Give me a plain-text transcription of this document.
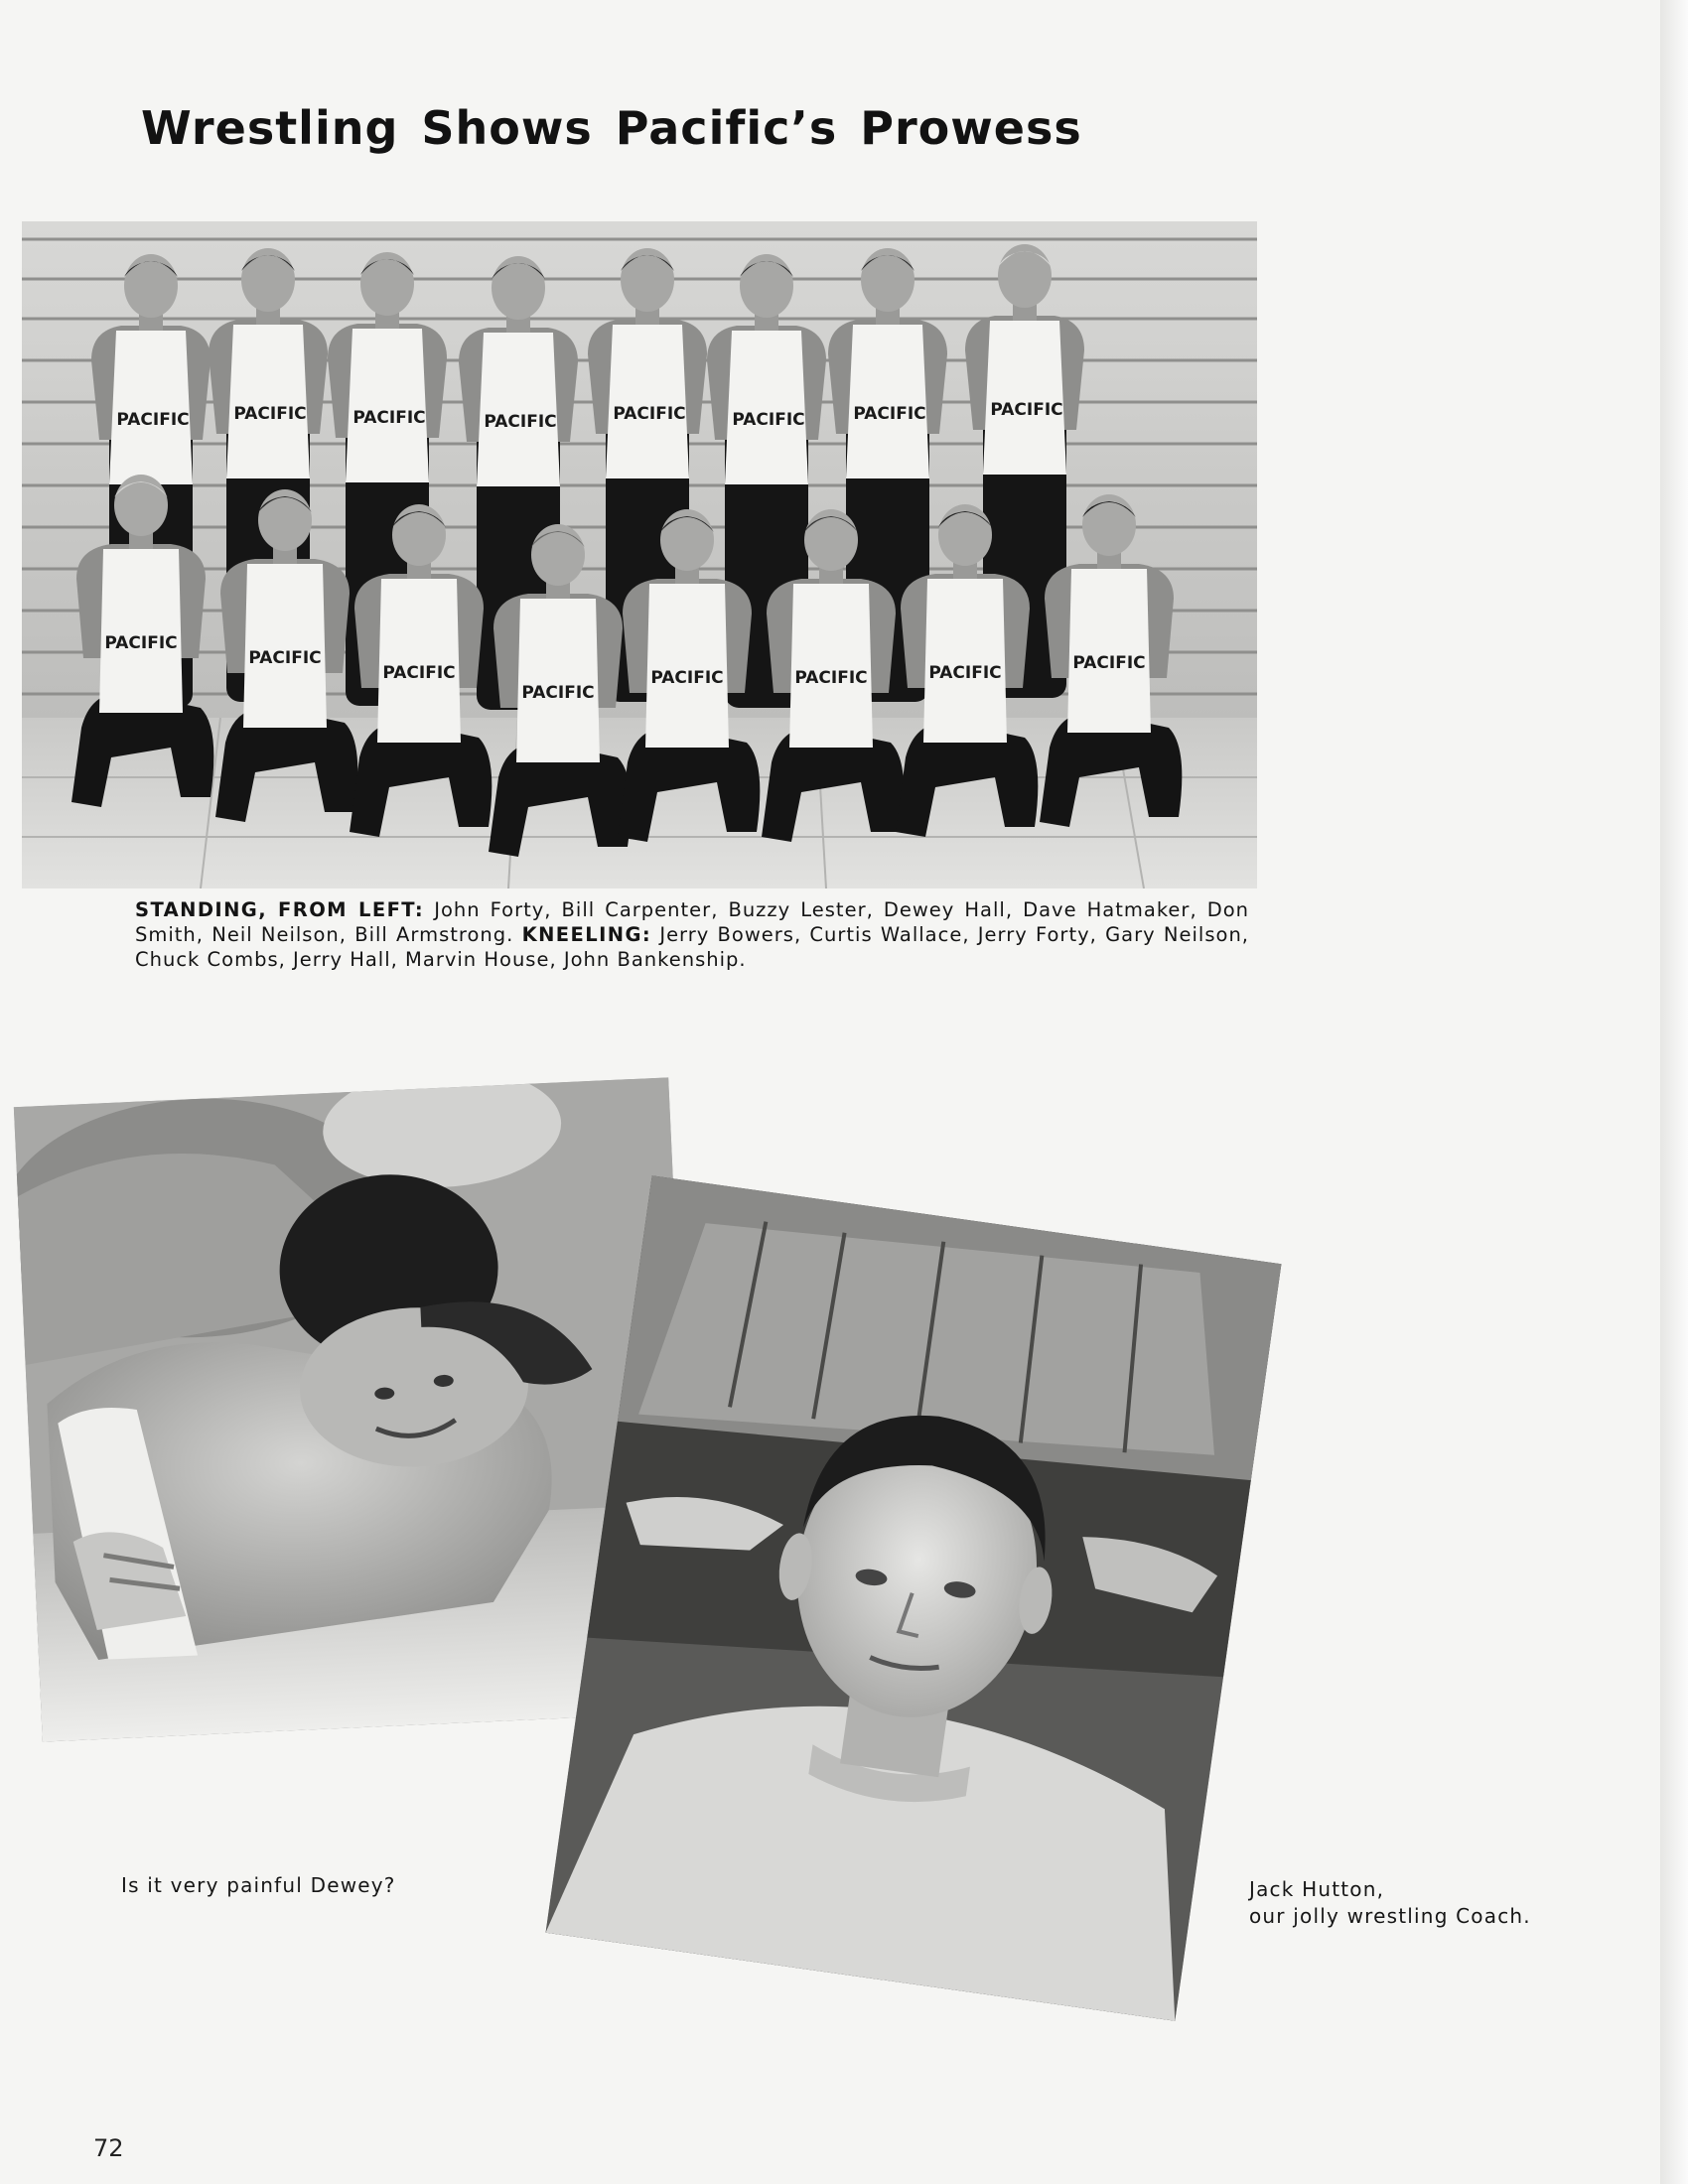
Wrestling Shows Pacific’s Prowess
PACIFIC	PACIFIC	PACIFIC	PACIFIC	PACIFIC	PACIFIC	PACIFIC	PACIFIC
PACIFIC
PACIFIC
PACIFIC
PACIFIC
PACIFIC	PACIFIC	PACIFIC	PACIFIC

STANDING, FROM LEFT: John Forty, Bill Carpenter, Buzzy Lester, Dewey Hall, Dave Hatmaker, Don Smith, Neil Neilson, Bill Armstrong. KNEELING: Jerry Bowers, Curtis Wallace, Jerry Forty, Gary Neilson, Chuck Combs, Jerry Hall, Marvin House, John Bankenship.

Is it very painful Dewey?	Jack Hutton,
our jolly wrestling Coach.

72
